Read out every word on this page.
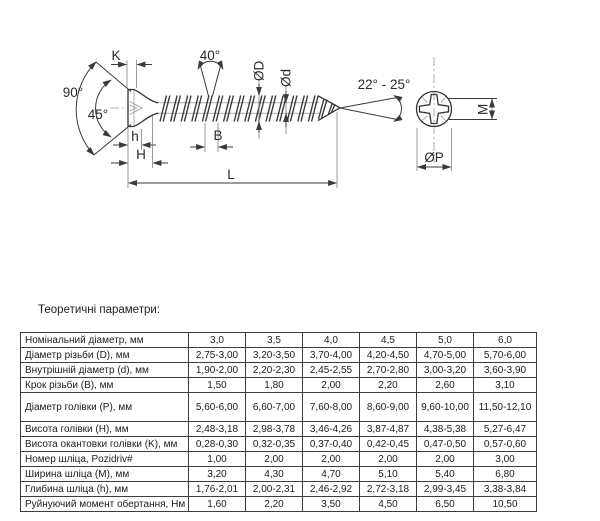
K	40°
ØD Ød
90°
45°
h
H
B
L
22° - 25°
M
ØP
Теоретичні параметри:
Номінальний діаметр, мм	3,0	3,5	4,0	4,5	5,0	6,0
Діаметр різьби (D), мм	2,75-3,00	3,20-3,50	3,70-4,00	4,20-4,50	4,70-5,00	5,70-6,00
Внутрішній діаметр (d), мм	1,90-2,00	2,20-2,30	2,45-2,55	2,70-2,80	3,00-3,20	3,60-3,90
Крок різьби (B), мм	1,50	1,80	2,00	2,20	2,60	3,10
Діаметр голівки (P), мм	5,60-6,00	6,60-7,00	7,60-8,00	8,60-9,00	9,60-10,00	11,50-12,10
Висота голівки (H), мм	2,48-3,18	2,98-3,78	3,46-4,26	3,87-4,87	4,38-5,38	5,27-6,47
Висота окантовки голівки (K), мм	0,28-0,30	0,32-0,35	0,37-0,40	0,42-0,45	0,47-0,50	0,57-0,60
Номер шліца, Pozidriv#	1,00	2,00	2,00	2,00	2,00	3,00
Ширина шліца (M), мм	3,20	4,30	4,70	5,10	5,40	6,80
Глибина шліца (h), мм	1,76-2,01	2,00-2,31	2,46-2,92	2,72-3,18	2,99-3,45	3,38-3,84
Руйнуючий момент обертання, Нм	1,60	2,20	3,50	4,50	6,50	10,50
